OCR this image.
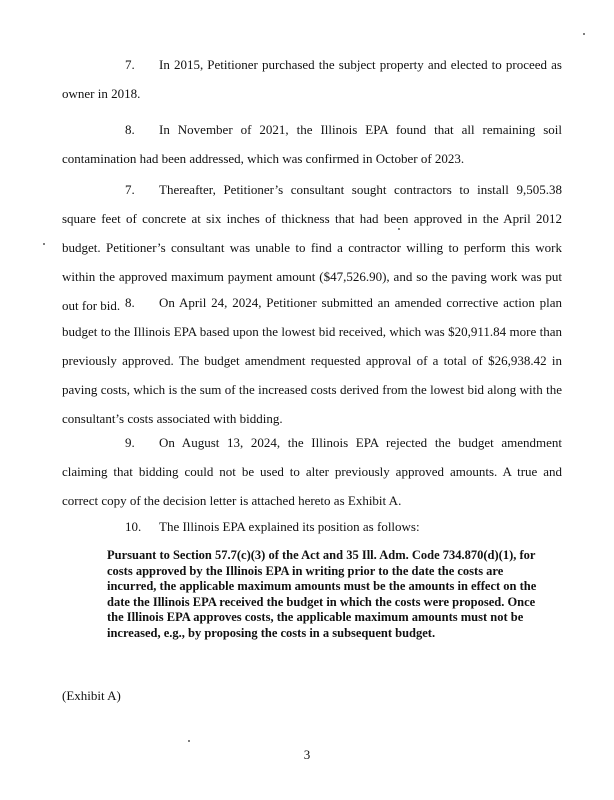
7. In 2015, Petitioner purchased the subject property and elected to proceed as owner in 2018.

8. In November of 2021, the Illinois EPA found that all remaining soil contamination had been addressed, which was confirmed in October of 2023.

7. Thereafter, Petitioner’s consultant sought contractors to install 9,505.38 square feet of concrete at six inches of thickness that had been approved in the April 2012 budget. Petitioner’s consultant was unable to find a contractor willing to perform this work within the approved maximum payment amount ($47,526.90), and so the paving work was put out for bid. 8. On April 24, 2024, Petitioner submitted an amended corrective action plan budget to the Illinois EPA based upon the lowest bid received, which was $20,911.84 more than previously approved. The budget amendment requested approval of a total of $26,938.42 in paving costs, which is the sum of the increased costs derived from the lowest bid along with the consultant’s costs associated with bidding.

9. On August 13, 2024, the Illinois EPA rejected the budget amendment claiming that bidding could not be used to alter previously approved amounts. A true and correct copy of the decision letter is attached hereto as Exhibit A.

10. The Illinois EPA explained its position as follows:

Pursuant to Section 57.7(c)(3) of the Act and 35 Ill. Adm. Code 734.870(d)(1), for costs approved by the Illinois EPA in writing prior to the date the costs are incurred, the applicable maximum amounts must be the amounts in effect on the date the Illinois EPA received the budget in which the costs were proposed. Once the Illinois EPA approves costs, the applicable maximum amounts must not be increased, e.g., by proposing the costs in a subsequent budget.
(Exhibit A)
3
